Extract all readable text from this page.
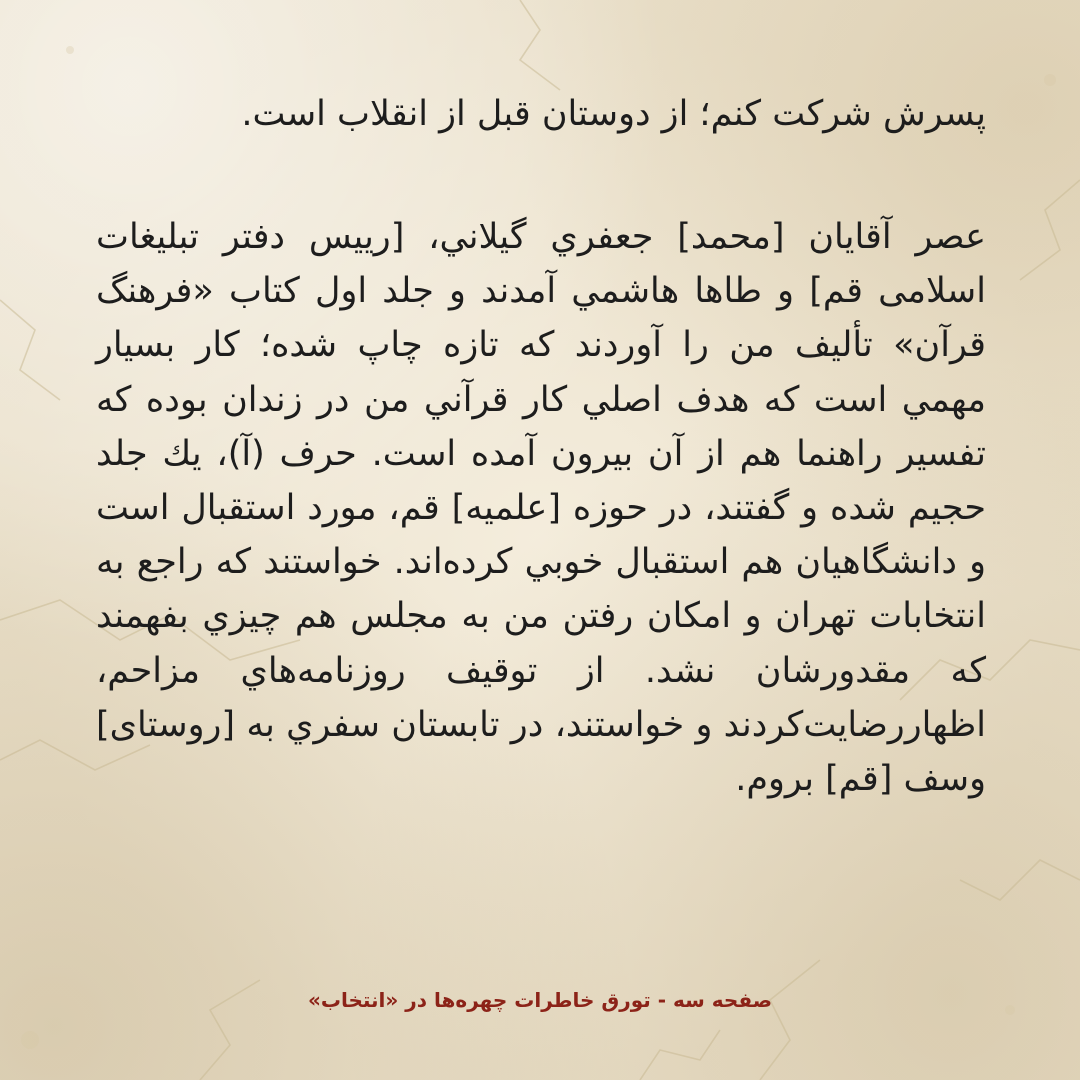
پسرش شرکت کنم؛ از دوستان قبل از انقلاب است.

عصر آقایان [محمد] جعفري گیلاني، [رییس دفتر تبلیغات اسلامی قم] و طاها هاشمي آمدند و جلد اول کتاب «فرهنگ قرآن» تألیف من را آوردند که تازه چاپ شده؛ کار بسیار مهمي است که هدف اصلي کار قرآني من در زندان بوده که تفسیر راهنما هم از آن بیرون آمده است. حرف (آ)، یك جلد حجیم شده و گفتند، در حوزه [علمیه] قم، مورد استقبال است و دانشگاهیان هم استقبال خوبي کرده‌اند. خواستند که راجع به انتخابات تهران و امکان رفتن من به مجلس هم چیزي بفهمند که مقدورشان نشد. از توقیف روزنامه‌هاي مزاحم، اظهاررضایت‌کردند و خواستند، در تابستان سفري به [روستای] وسف [قم] بروم.

صفحه سه - تورق خاطرات چهره‌ها در «انتخاب»
